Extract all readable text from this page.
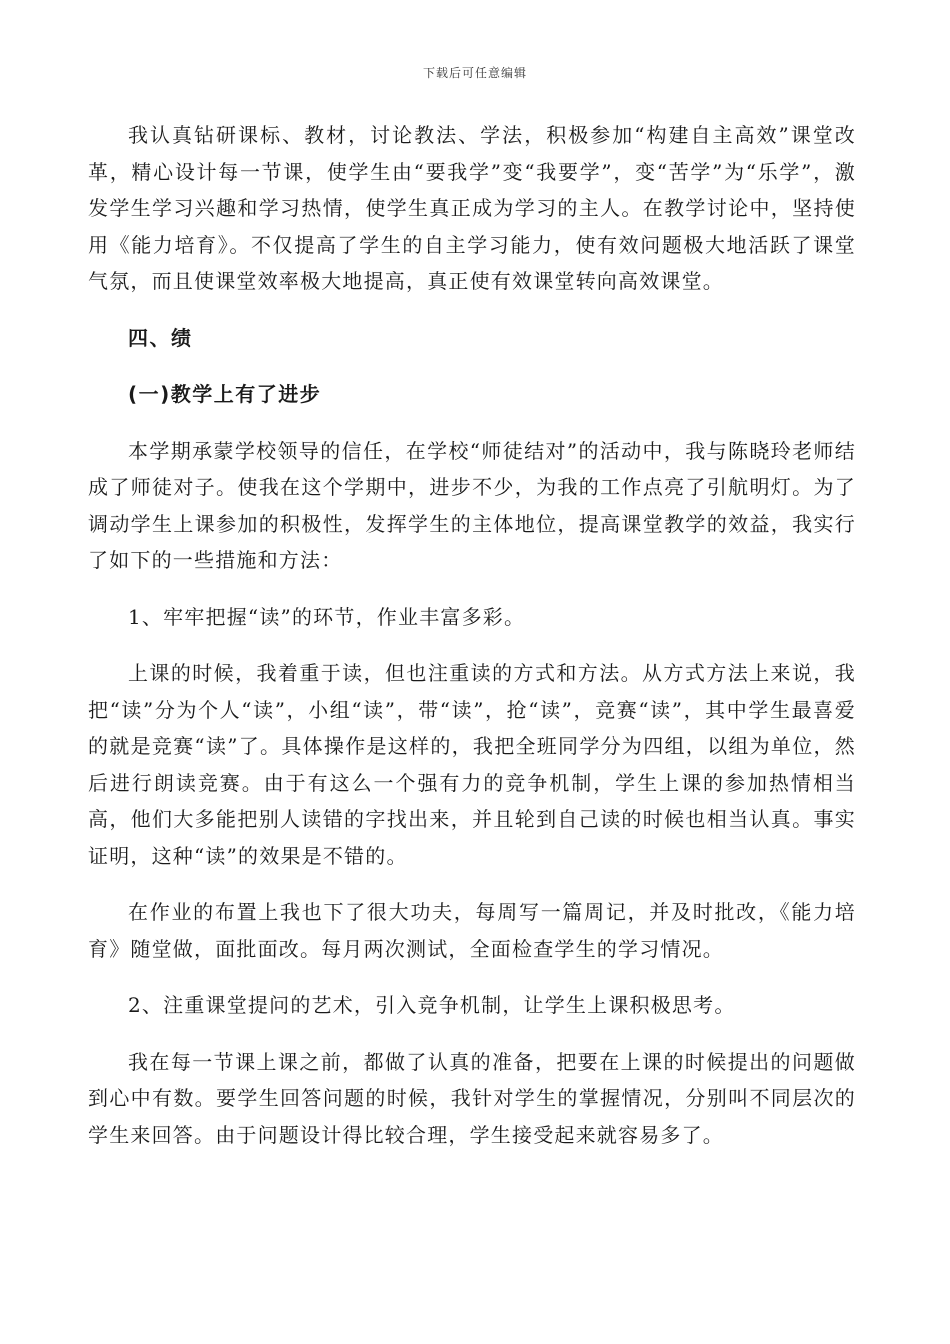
下载后可任意编辑

我认真钻研课标、教材，讨论教法、学法，积极参加“构建自主高效”课堂改革，精心设计每一节课，使学生由“要我学”变“我要学”，变“苦学”为“乐学”，激发学生学习兴趣和学习热情，使学生真正成为学习的主人。在教学讨论中，坚持使用《能力培育》。不仅提高了学生的自主学习能力，使有效问题极大地活跃了课堂气氛，而且使课堂效率极大地提高，真正使有效课堂转向高效课堂。

四、绩

(一)教学上有了进步

本学期承蒙学校领导的信任，在学校“师徒结对”的活动中，我与陈晓玲老师结成了师徒对子。使我在这个学期中，进步不少，为我的工作点亮了引航明灯。为了调动学生上课参加的积极性，发挥学生的主体地位，提高课堂教学的效益，我实行了如下的一些措施和方法：

1、牢牢把握“读”的环节，作业丰富多彩。

上课的时候，我着重于读，但也注重读的方式和方法。从方式方法上来说，我把“读”分为个人“读”，小组“读”，带“读”，抢“读”，竞赛“读”，其中学生最喜爱的就是竞赛“读”了。具体操作是这样的，我把全班同学分为四组，以组为单位，然后进行朗读竞赛。由于有这么一个强有力的竞争机制，学生上课的参加热情相当高，他们大多能把别人读错的字找出来，并且轮到自己读的时候也相当认真。事实证明，这种“读”的效果是不错的。

在作业的布置上我也下了很大功夫，每周写一篇周记，并及时批改，《能力培育》随堂做，面批面改。每月两次测试，全面检查学生的学习情况。

2、注重课堂提问的艺术，引入竞争机制，让学生上课积极思考。

我在每一节课上课之前，都做了认真的准备，把要在上课的时候提出的问题做到心中有数。要学生回答问题的时候，我针对学生的掌握情况，分别叫不同层次的学生来回答。由于问题设计得比较合理，学生接受起来就容易多了。
